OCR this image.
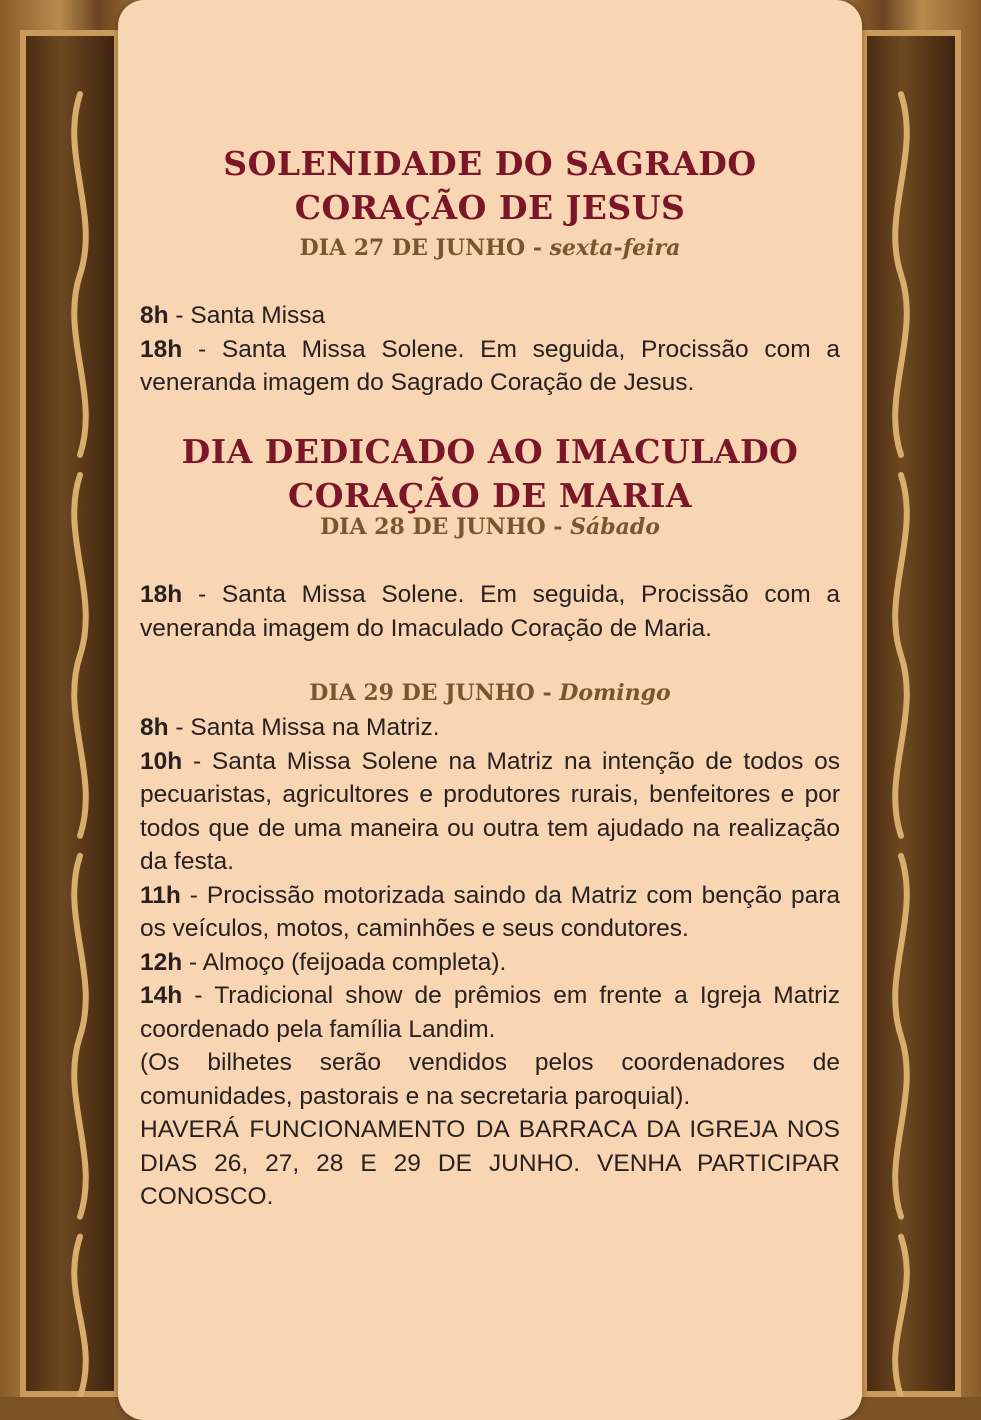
SOLENIDADE DO SAGRADO
CORAÇÃO DE JESUS
DIA 27 DE JUNHO - sexta-feira

8h - Santa Missa

18h - Santa Missa Solene. Em seguida, Procissão com a veneranda imagem do Sagrado Coração de Jesus.

DIA DEDICADO AO IMACULADO
CORAÇÃO DE MARIA
DIA 28 DE JUNHO - Sábado

18h - Santa Missa Solene. Em seguida, Procissão com a veneranda imagem do Imaculado Coração de Maria.

DIA 29 DE JUNHO - Domingo

8h - Santa Missa na Matriz.

10h - Santa Missa Solene na Matriz na intenção de todos os pecuaristas, agricultores e produtores rurais, benfeitores e por todos que de uma maneira ou outra tem ajudado na realização da festa.

11h - Procissão motorizada saindo da Matriz com benção para os veículos, motos, caminhões e seus condutores.

12h - Almoço (feijoada completa).

14h - Tradicional show de prêmios em frente a Igreja Matriz coordenado pela família Landim.

(Os bilhetes serão vendidos pelos coordenadores de comunidades, pastorais e na secretaria paroquial).

HAVERÁ FUNCIONAMENTO DA BARRACA DA IGREJA NOS DIAS 26, 27, 28 E 29 DE JUNHO. VENHA PARTICIPAR CONOSCO.
